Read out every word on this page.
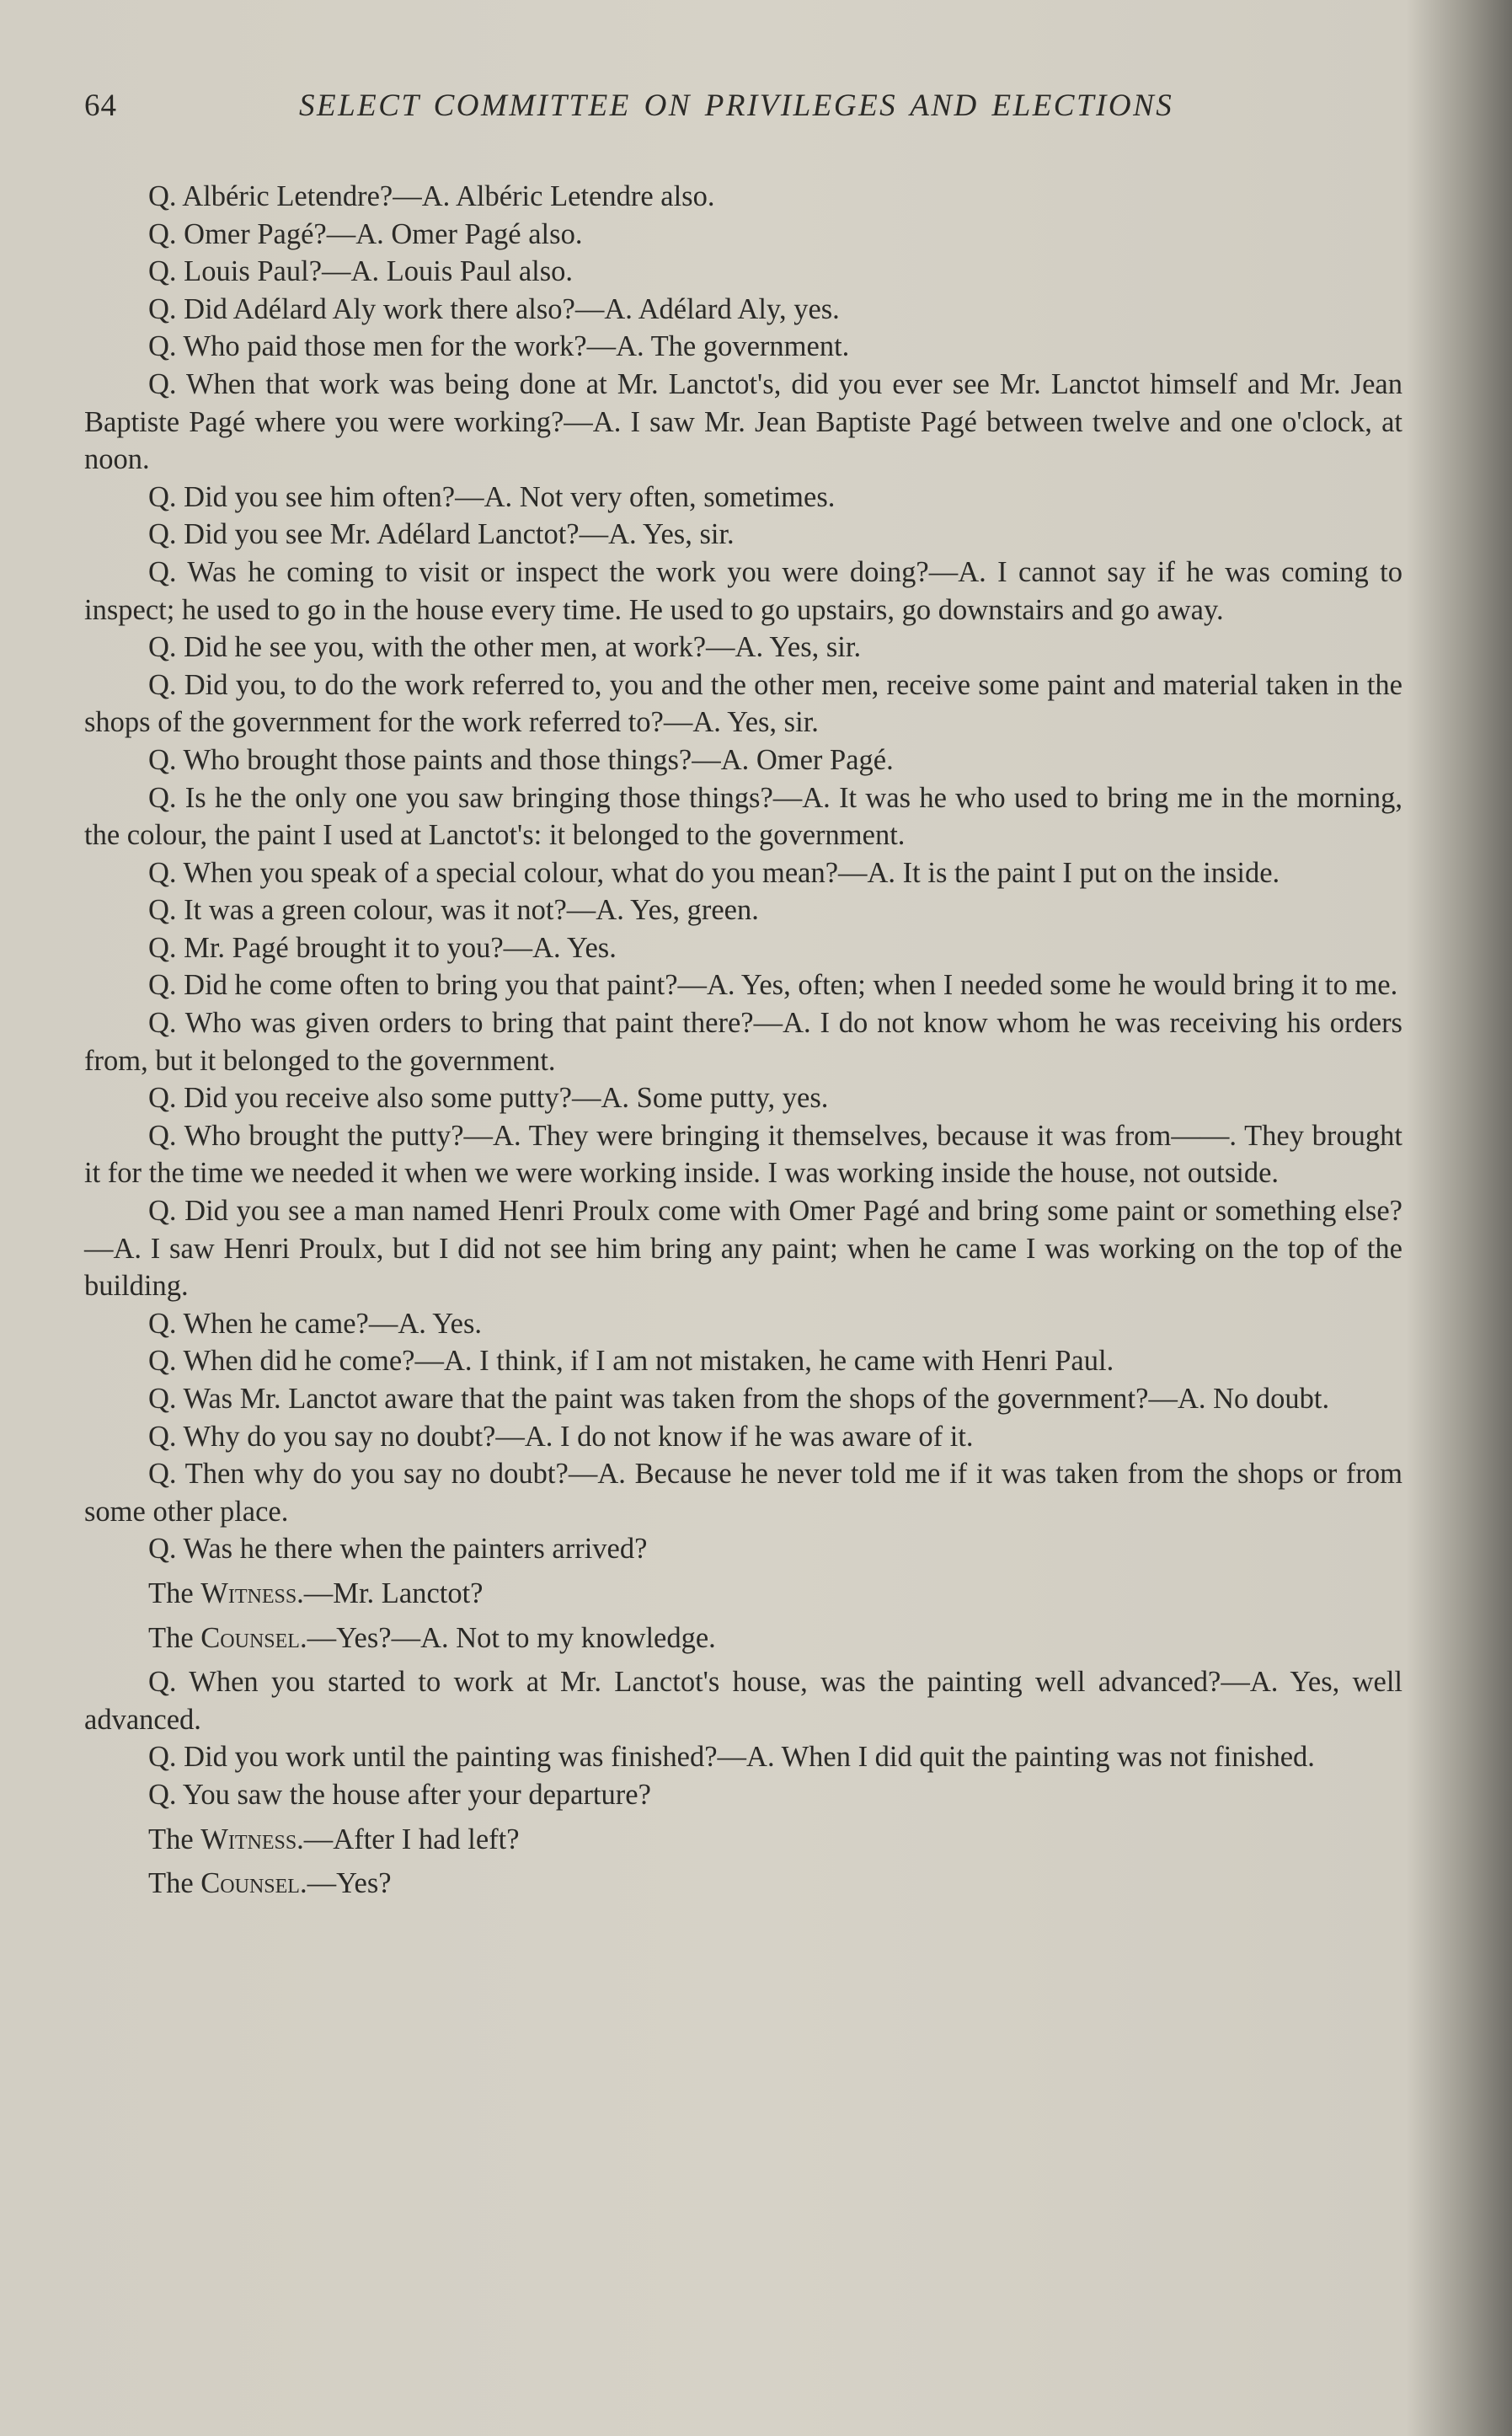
64	SELECT COMMITTEE ON PRIVILEGES AND ELECTIONS

Q. Albéric Letendre?—A. Albéric Letendre also.

Q. Omer Pagé?—A. Omer Pagé also.

Q. Louis Paul?—A. Louis Paul also.

Q. Did Adélard Aly work there also?—A. Adélard Aly, yes.

Q. Who paid those men for the work?—A. The government.

Q. When that work was being done at Mr. Lanctot's, did you ever see Mr. Lanctot himself and Mr. Jean Baptiste Pagé where you were working?—A. I saw Mr. Jean Baptiste Pagé between twelve and one o'clock, at noon.

Q. Did you see him often?—A. Not very often, sometimes.

Q. Did you see Mr. Adélard Lanctot?—A. Yes, sir.

Q. Was he coming to visit or inspect the work you were doing?—A. I cannot say if he was coming to inspect; he used to go in the house every time. He used to go upstairs, go downstairs and go away.

Q. Did he see you, with the other men, at work?—A. Yes, sir.

Q. Did you, to do the work referred to, you and the other men, receive some paint and material taken in the shops of the government for the work referred to?—A. Yes, sir.

Q. Who brought those paints and those things?—A. Omer Pagé.

Q. Is he the only one you saw bringing those things?—A. It was he who used to bring me in the morning, the colour, the paint I used at Lanctot's: it belonged to the government.

Q. When you speak of a special colour, what do you mean?—A. It is the paint I put on the inside.

Q. It was a green colour, was it not?—A. Yes, green.

Q. Mr. Pagé brought it to you?—A. Yes.

Q. Did he come often to bring you that paint?—A. Yes, often; when I needed some he would bring it to me.

Q. Who was given orders to bring that paint there?—A. I do not know whom he was receiving his orders from, but it belonged to the government.

Q. Did you receive also some putty?—A. Some putty, yes.

Q. Who brought the putty?—A. They were bringing it themselves, because it was from——. They brought it for the time we needed it when we were working inside. I was working inside the house, not outside.

Q. Did you see a man named Henri Proulx come with Omer Pagé and bring some paint or something else?—A. I saw Henri Proulx, but I did not see him bring any paint; when he came I was working on the top of the building.

Q. When he came?—A. Yes.

Q. When did he come?—A. I think, if I am not mistaken, he came with Henri Paul.

Q. Was Mr. Lanctot aware that the paint was taken from the shops of the government?—A. No doubt.

Q. Why do you say no doubt?—A. I do not know if he was aware of it.

Q. Then why do you say no doubt?—A. Because he never told me if it was taken from the shops or from some other place.

Q. Was he there when the painters arrived?

The Witness.—Mr. Lanctot?

The Counsel.—Yes?—A. Not to my knowledge.

Q. When you started to work at Mr. Lanctot's house, was the painting well advanced?—A. Yes, well advanced.

Q. Did you work until the painting was finished?—A. When I did quit the painting was not finished.

Q. You saw the house after your departure?

The Witness.—After I had left?

The Counsel.—Yes?
